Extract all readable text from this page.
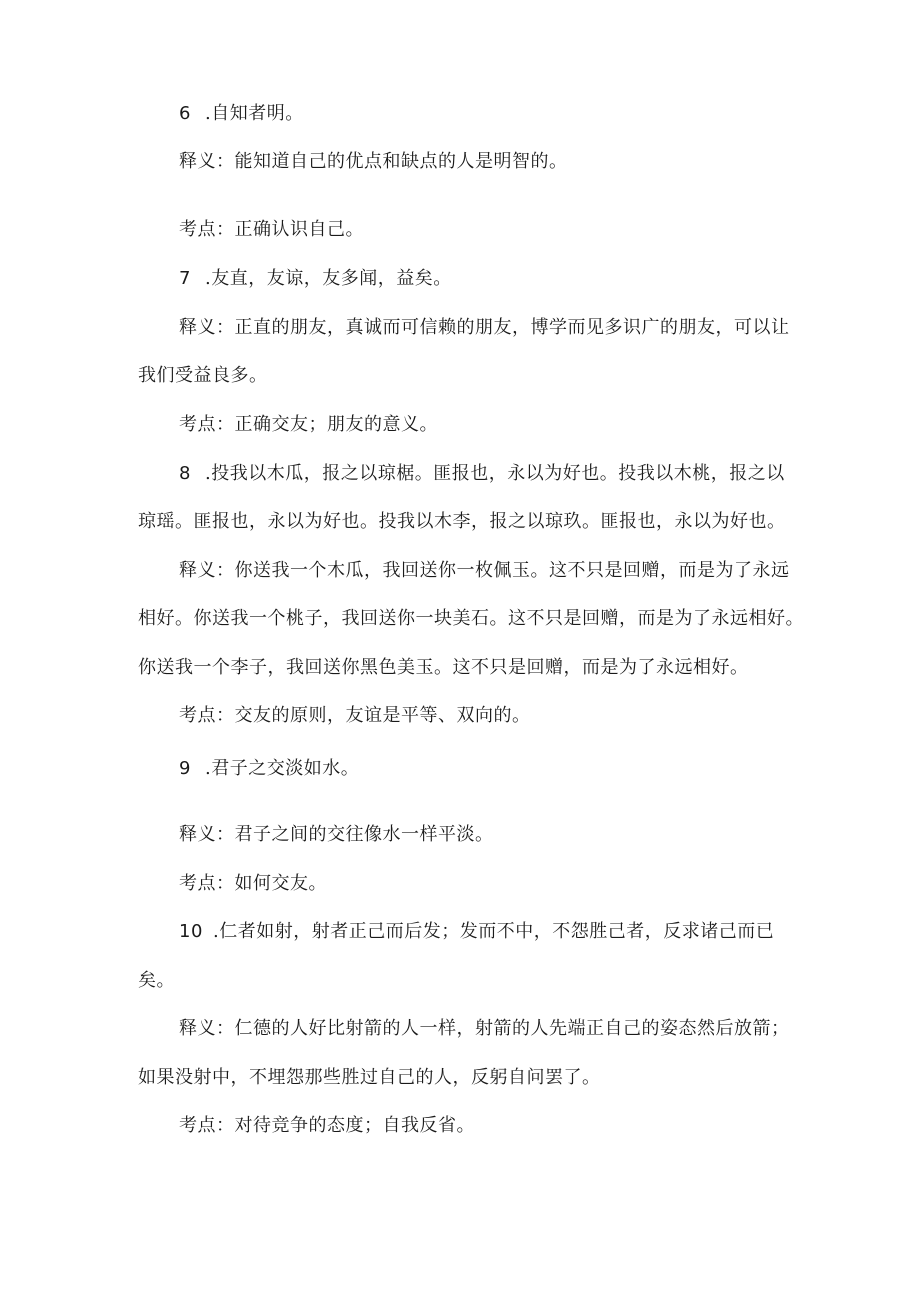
6 .自知者明。

释义：能知道自己的优点和缺点的人是明智的。

考点：正确认识自己。

7 .友直，友谅，友多闻，益矣。

释义：正直的朋友，真诚而可信赖的朋友，博学而见多识广的朋友，可以让

我们受益良多。

考点：正确交友；朋友的意义。

8 .投我以木瓜，报之以琼椐。匪报也，永以为好也。投我以木桃，报之以

琼瑶。匪报也，永以为好也。投我以木李，报之以琼玖。匪报也，永以为好也。

释义：你送我一个木瓜，我回送你一枚佩玉。这不只是回赠，而是为了永远

相好。你送我一个桃子，我回送你一块美石。这不只是回赠，而是为了永远相好。

你送我一个李子，我回送你黑色美玉。这不只是回赠，而是为了永远相好。

考点：交友的原则，友谊是平等、双向的。

9 .君子之交淡如水。

释义：君子之间的交往像水一样平淡。

考点：如何交友。

10 .仁者如射，射者正己而后发；发而不中，不怨胜己者，反求诸己而已

矣。

释义：仁德的人好比射箭的人一样，射箭的人先端正自己的姿态然后放箭；

如果没射中，不埋怨那些胜过自己的人，反躬自问罢了。

考点：对待竞争的态度；自我反省。
